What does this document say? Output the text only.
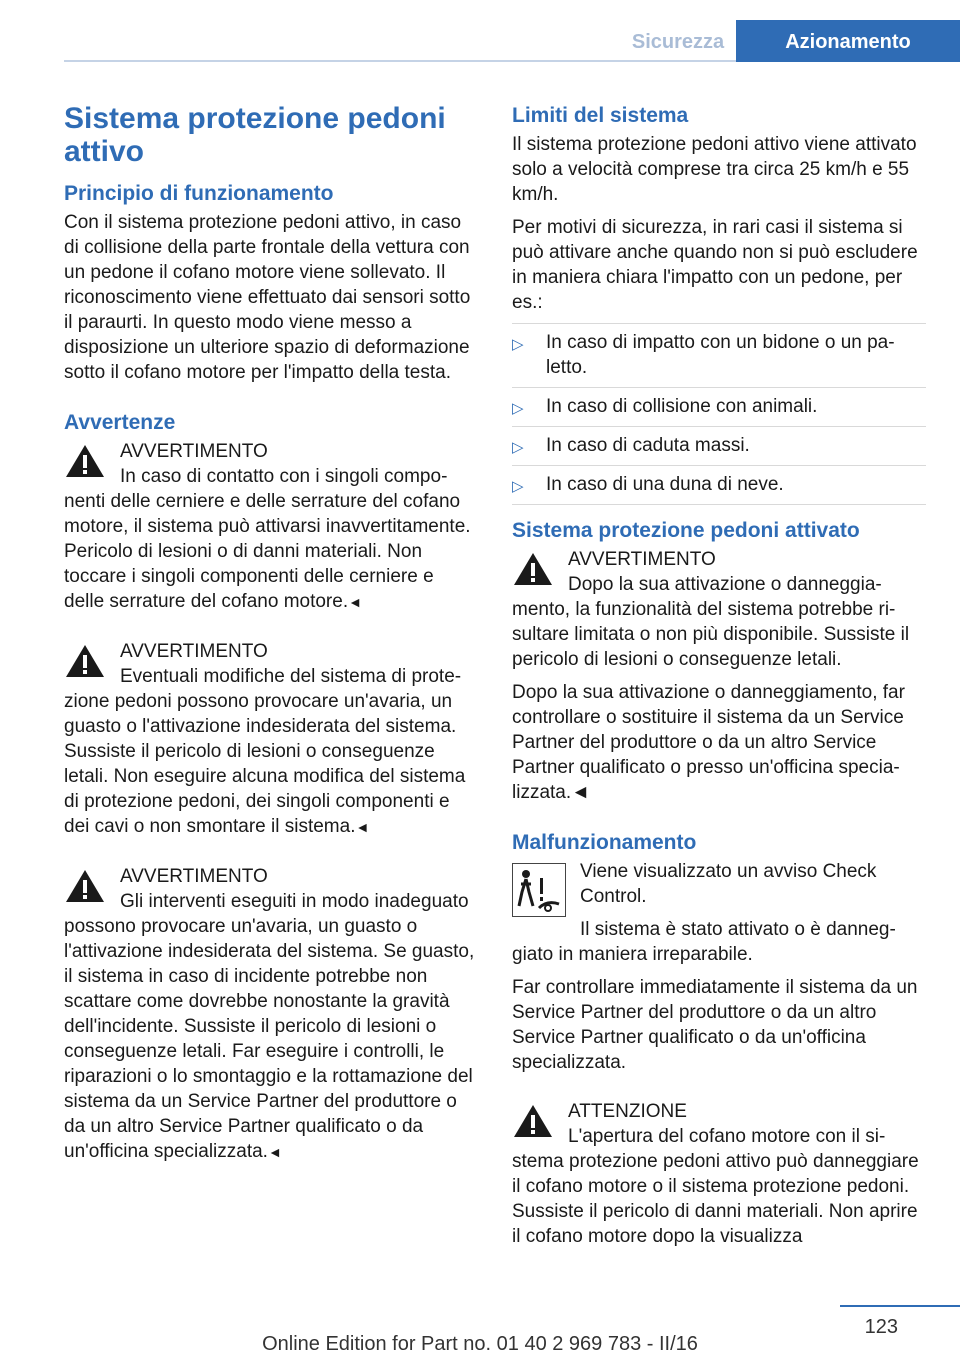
Sicurezza	Azionamento
Sistema protezione pedoni attivo
Principio di funzionamento

Con il sistema protezione pedoni attivo, in caso di collisione della parte frontale della vettura con un pedone il cofano motore viene sollevato. Il riconoscimento viene effettuato dai sensori sotto il paraurti. In questo modo viene messo a disposizione un ulteriore spazio di deformazione sotto il cofano motore per l'impatto della testa.

Avvertenze
AVVERTIMENTO
In caso di contatto con i singoli componenti delle cerniere e delle serrature del cofano motore, il sistema può attivarsi inavvertitamente. Pericolo di lesioni o di danni materiali. Non toccare i singoli componenti delle cerniere e delle serrature del cofano motore.◄
AVVERTIMENTO
Eventuali modifiche del sistema di protezione pedoni possono provocare un'avaria, un guasto o l'attivazione indesiderata del sistema. Sussiste il pericolo di lesioni o conseguenze letali. Non eseguire alcuna modifica del sistema di protezione pedoni, dei singoli componenti e dei cavi o non smontare il sistema.◄
AVVERTIMENTO
Gli interventi eseguiti in modo inadeguato possono provocare un'avaria, un guasto o l'attivazione indesiderata del sistema. Se guasto, il sistema in caso di incidente potrebbe non scattare come dovrebbe nonostante la gravità dell'incidente. Sussiste il pericolo di lesioni o conseguenze letali. Far eseguire i controlli, le riparazioni o lo smontaggio e la rottamazione del sistema da un Service Partner del produttore o da un altro Service Partner qualificato o da un'officina specializzata.◄
Limiti del sistema

Il sistema protezione pedoni attivo viene attivato solo a velocità comprese tra circa 25 km/h e 55 km/h.

Per motivi di sicurezza, in rari casi il sistema si può attivare anche quando non si può escludere in maniera chiara l'impatto con un pedone, per es.:

▷ In caso di impatto con un bidone o un paletto.
▷ In caso di collisione con animali.
▷ In caso di caduta massi.
▷ In caso di una duna di neve.
Sistema protezione pedoni attivato
AVVERTIMENTO
Dopo la sua attivazione o danneggiamento, la funzionalità del sistema potrebbe risultare limitata o non più disponibile. Sussiste il pericolo di lesioni o conseguenze letali.

Dopo la sua attivazione o danneggiamento, far controllare o sostituire il sistema da un Service Partner del produttore o da un altro Service Partner qualificato o presso un'officina specializzata.◄

Malfunzionamento

Viene visualizzato un avviso Check Control.

Il sistema è stato attivato o è danneggiato in maniera irreparabile.

Far controllare immediatamente il sistema da un Service Partner del produttore o da un altro Service Partner qualificato o da un'officina specializzata.

ATTENZIONE
L'apertura del cofano motore con il sistema protezione pedoni attivo può danneggiare il cofano motore o il sistema protezione pedoni. Sussiste il pericolo di danni materiali. Non aprire il cofano motore dopo la visualizza
123
Online Edition for Part no. 01 40 2 969 783 - II/16
